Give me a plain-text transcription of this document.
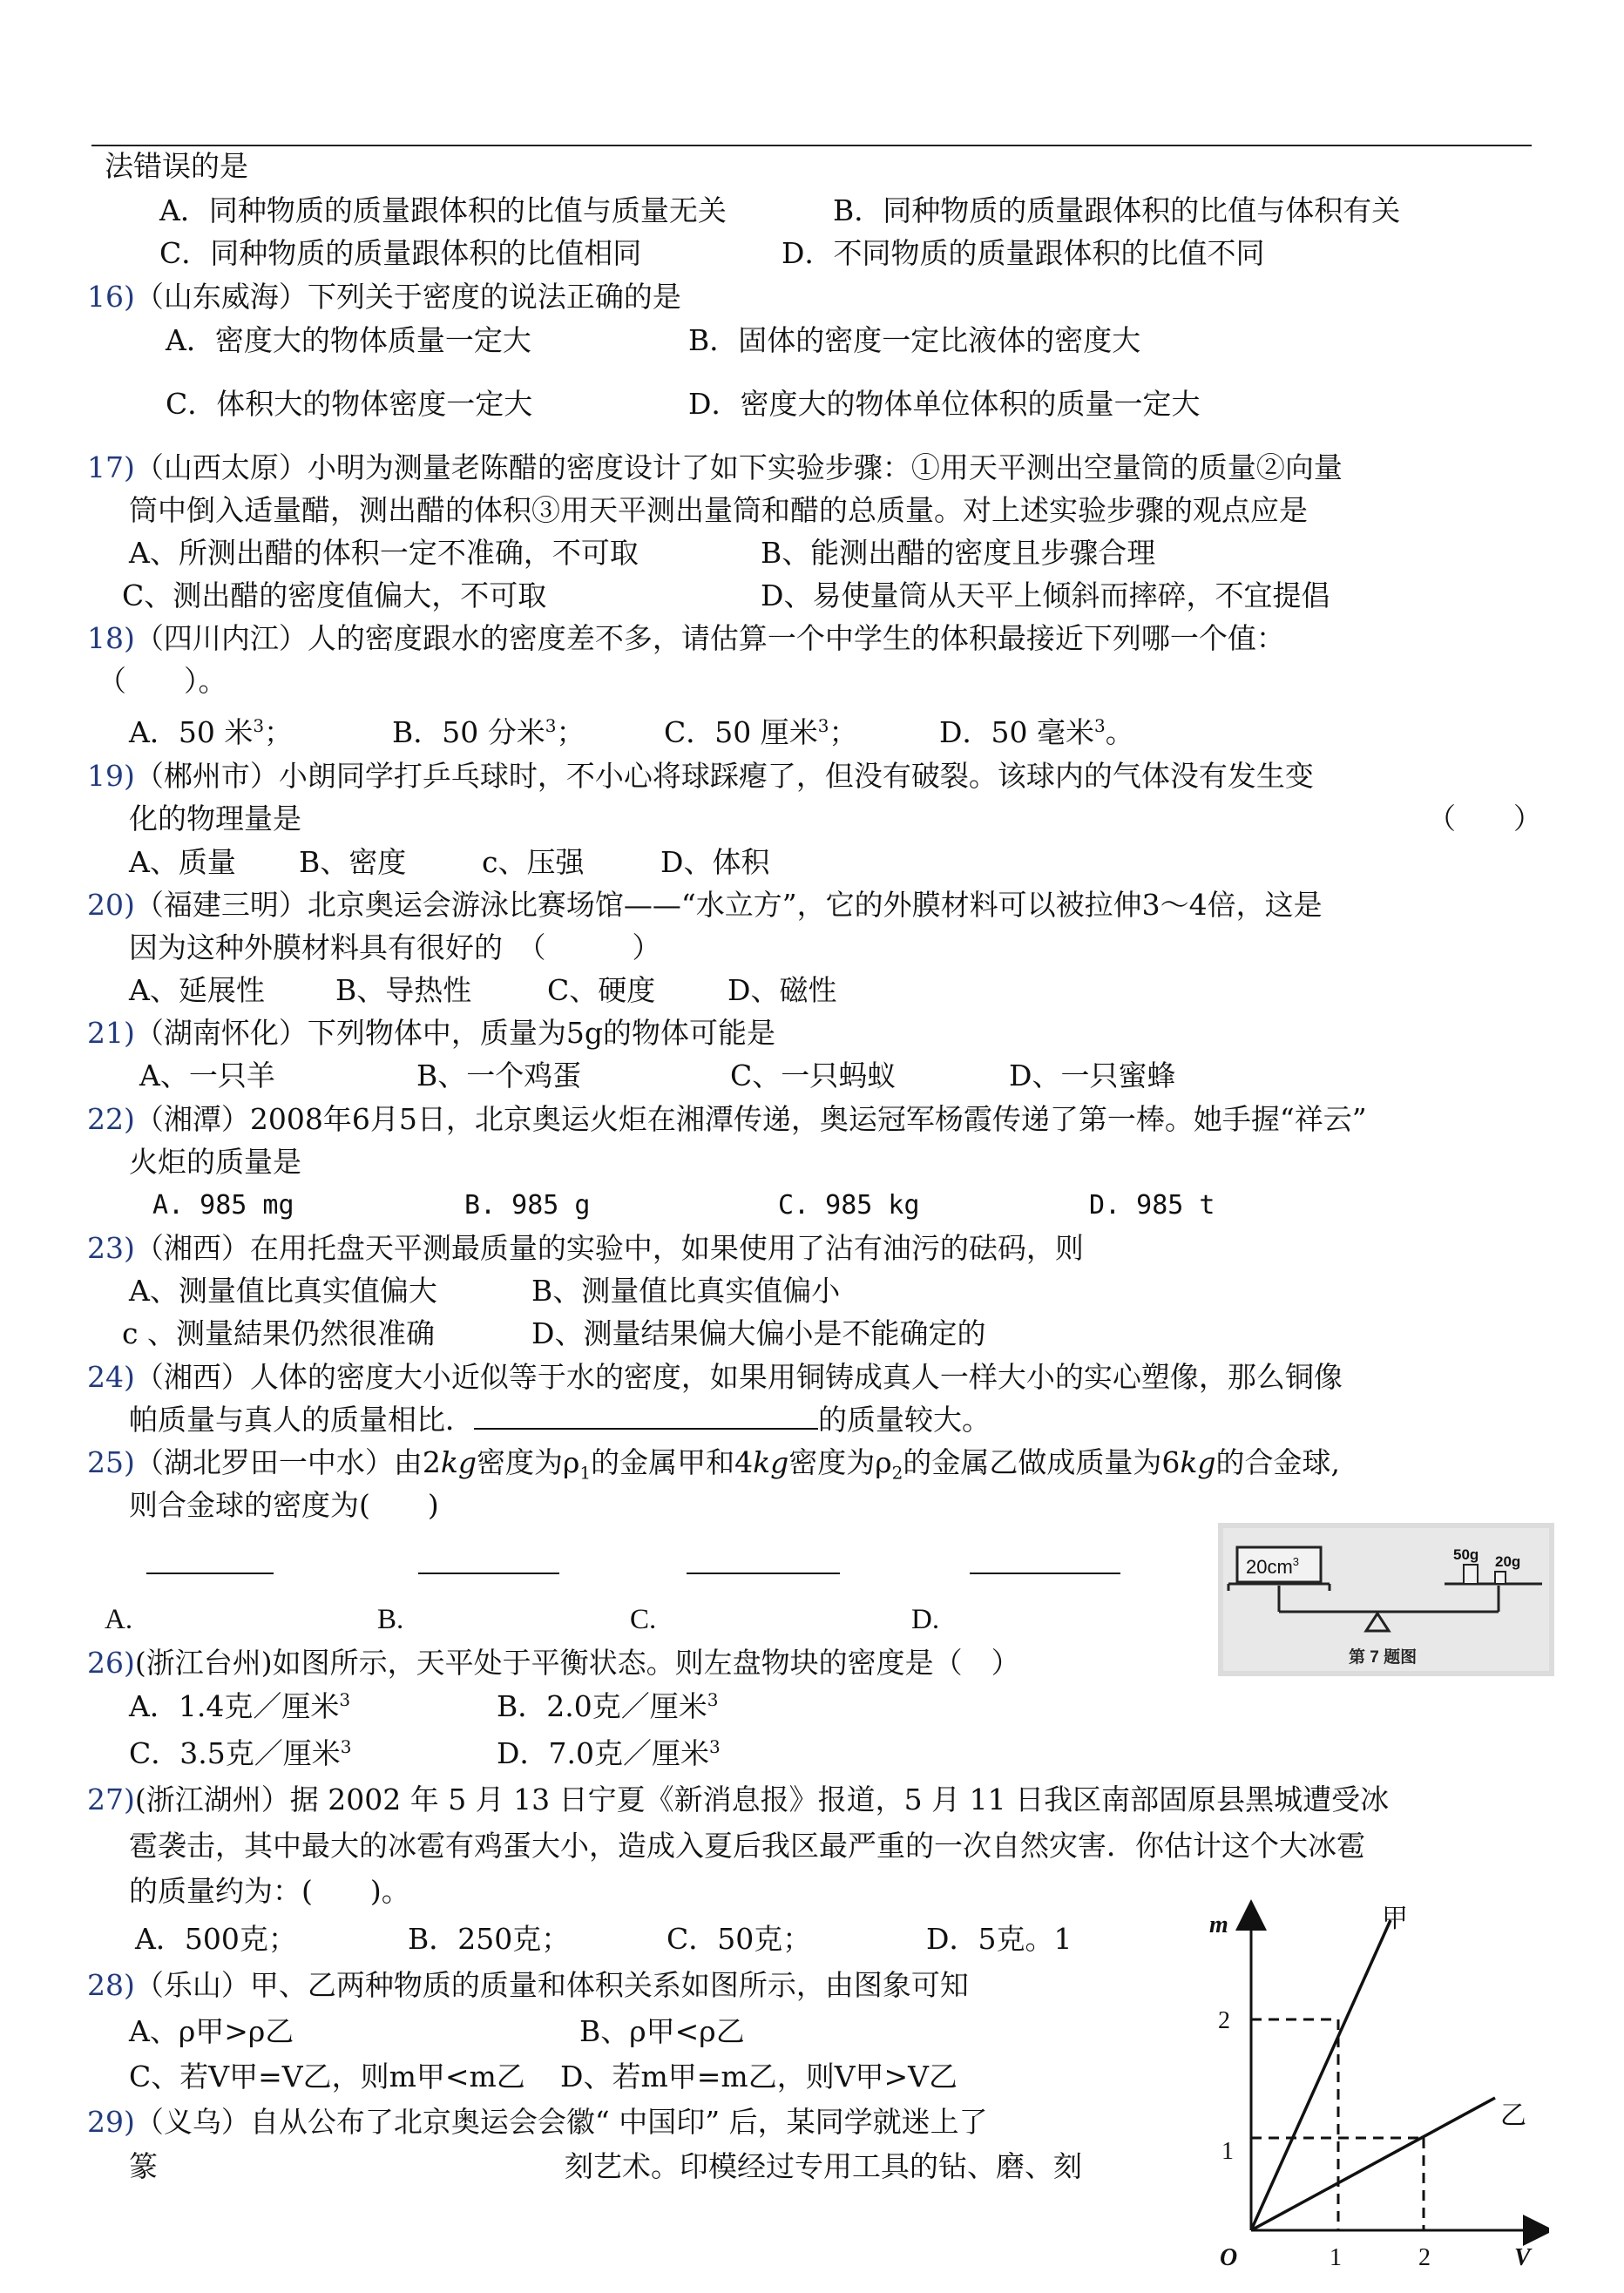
法错误的是
A．同种物质的质量跟体积的比值与质量无关	B．同种物质的质量跟体积的比值与体积有关
C．同种物质的质量跟体积的比值相同	D．不同物质的质量跟体积的比值不同
16)（山东威海）下列关于密度的说法正确的是
A．密度大的物体质量一定大	B．固体的密度一定比液体的密度大
C．体积大的物体密度一定大	D．密度大的物体单位体积的质量一定大
17)（山西太原）小明为测量老陈醋的密度设计了如下实验步骤：①用天平测出空量筒的质量②向量
筒中倒入适量醋，测出醋的体积③用天平测出量筒和醋的总质量。对上述实验步骤的观点应是
A、所测出醋的体积一定不准确，不可取	B、能测出醋的密度且步骤合理
C、测出醋的密度值偏大，不可取	D、易使量筒从天平上倾斜而摔碎，不宜提倡
18)（四川内江）人的密度跟水的密度差不多，请估算一个中学生的体积最接近下列哪一个值：
（　　）。
A．50 米$^3$；	B．50 分米$^3$；	C．50 厘米$^3$；	D．50 毫米$^3$。
19)（郴州市）小朗同学打乒乓球时，不小心将球踩瘪了，但没有破裂。该球内的气体没有发生变
化的物理量是	（　　）
A、质量 B、密度	c、压强	D、体积
20)（福建三明）北京奥运会游泳比赛场馆——“水立方”，它的外膜材料可以被拉伸3～4倍，这是
因为这种外膜材料具有很好的　（　　　）
A、延展性 B、导热性	C、硬度	D、磁性
21)（湖南怀化）下列物体中，质量为5g的物体可能是
A、一只羊	B、一个鸡蛋	C、一只蚂蚁	D、一只蜜蜂
22)（湘潭）2008年6月5日，北京奥运火炬在湘潭传递，奥运冠军杨霞传递了第一棒。她手握“祥云”
火炬的质量是
A. 985 mg	B. 985 g	C. 985 kg	D. 985 t
23)（湘西）在用托盘天平测最质量的实验中，如果使用了沾有油污的砝码，则
A、测量值比真实值偏大	B、测量值比真实值偏小
c 、测量結果仍然很准确	D、测量结果偏大偏小是不能确定的
24)（湘西）人体的密度大小近似等于水的密度，如果用铜铸成真人一样大小的实心塑像，那么铜像
帕质量与真人的质量相比．	的质量较大。
25)（湖北罗田一中水）由2kg密度为$\rho_1$的金属甲和4kg密度为$\rho_2$的金属乙做成质量为6kg的合金球,
则合金球的密度为(　　)
A.	B.	C.	D.
$20cm^3$	50g 20g
第 7 题图
26)(浙江台州)如图所示，天平处于平衡状态。则左盘物块的密度是（　）
A．1.4克／厘米$^3$	B．2.0克／厘米$^3$
C．3.5克／厘米$^3$	D．7.0克／厘米$^3$
27)(浙江湖州）据 2002 年 5 月 13 日宁夏《新消息报》报道，5 月 11 日我区南部固原县黑城遭受冰
雹袭击，其中最大的冰雹有鸡蛋大小，造成入夏后我区最严重的一次自然灾害．你估计这个大冰雹
的质量约为：(　　)。
A．500克；	B．250克；	C．50克；	D．5克。1
28)（乐山）甲、乙两种物质的质量和体积关系如图所示，由图象可知
A、ρ甲>ρ乙	B、ρ甲<ρ乙
C、若V甲=V乙，则m甲<m乙 D、若m甲=m乙，则V甲>V乙
29)（义乌）自从公布了北京奥运会会徽“ 中国印” 后，某同学就迷上了
篆	刻艺术。印模经过专用工具的钻、磨、刻
m
V
O
2
1
1	2
甲
乙
